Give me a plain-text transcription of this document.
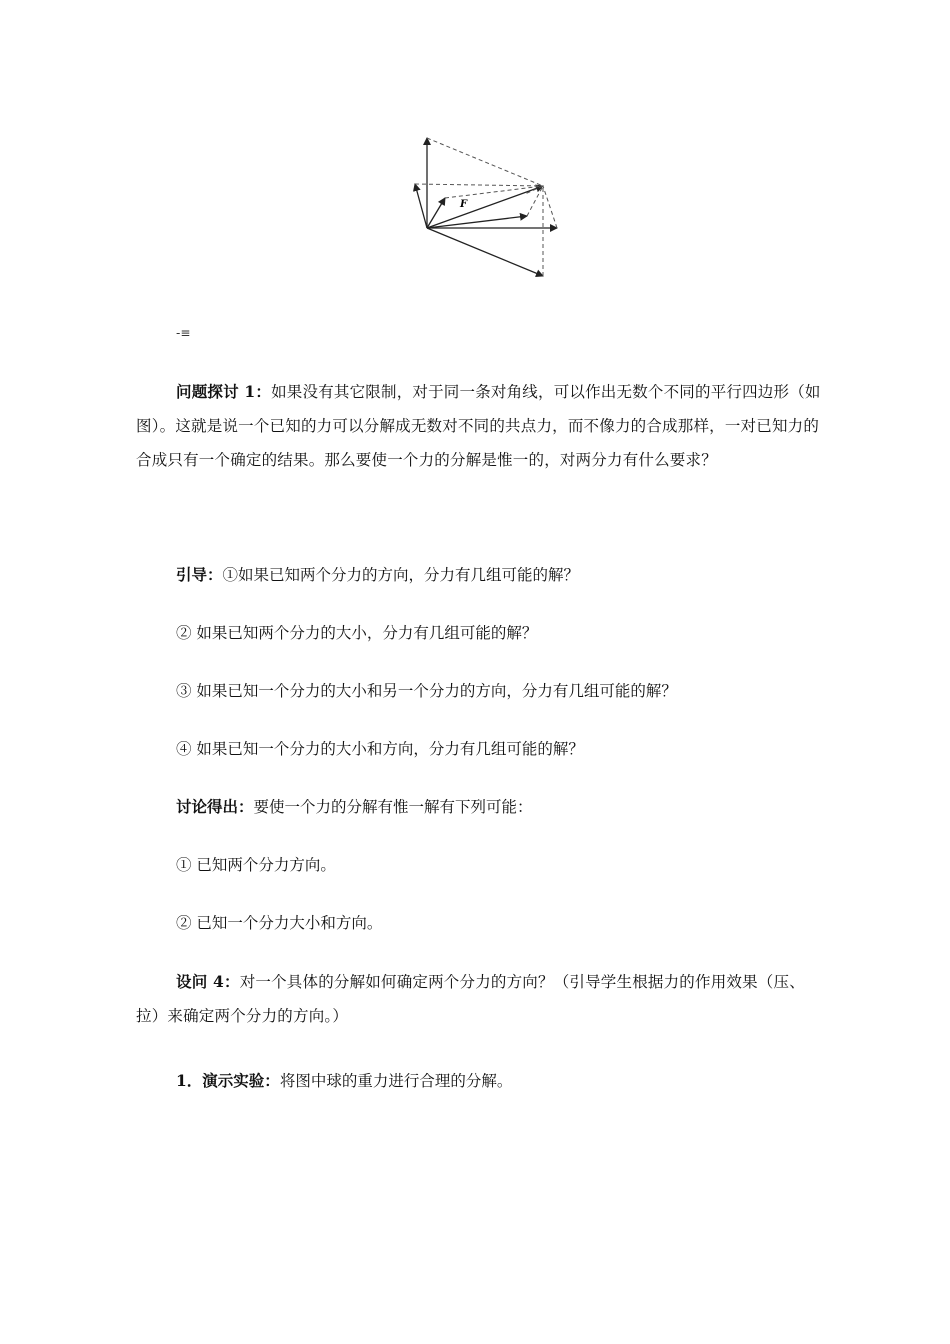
F
-≡
问题探讨 1：如果没有其它限制，对于同一条对角线，可以作出无数个不同的平行四边形（如图）。这就是说一个已知的力可以分解成无数对不同的共点力，而不像力的合成那样，一对已知力的合成只有一个确定的结果。那么要使一个力的分解是惟一的，对两分力有什么要求？
引导：①如果已知两个分力的方向，分力有几组可能的解？
② 如果已知两个分力的大小，分力有几组可能的解？
③ 如果已知一个分力的大小和另一个分力的方向，分力有几组可能的解？
④ 如果已知一个分力的大小和方向，分力有几组可能的解？
讨论得出：要使一个力的分解有惟一解有下列可能：
① 已知两个分力方向。
② 已知一个分力大小和方向。
设问 4：对一个具体的分解如何确定两个分力的方向？（引导学生根据力的作用效果（压、拉）来确定两个分力的方向。）
1．演示实验：将图中球的重力进行合理的分解。
